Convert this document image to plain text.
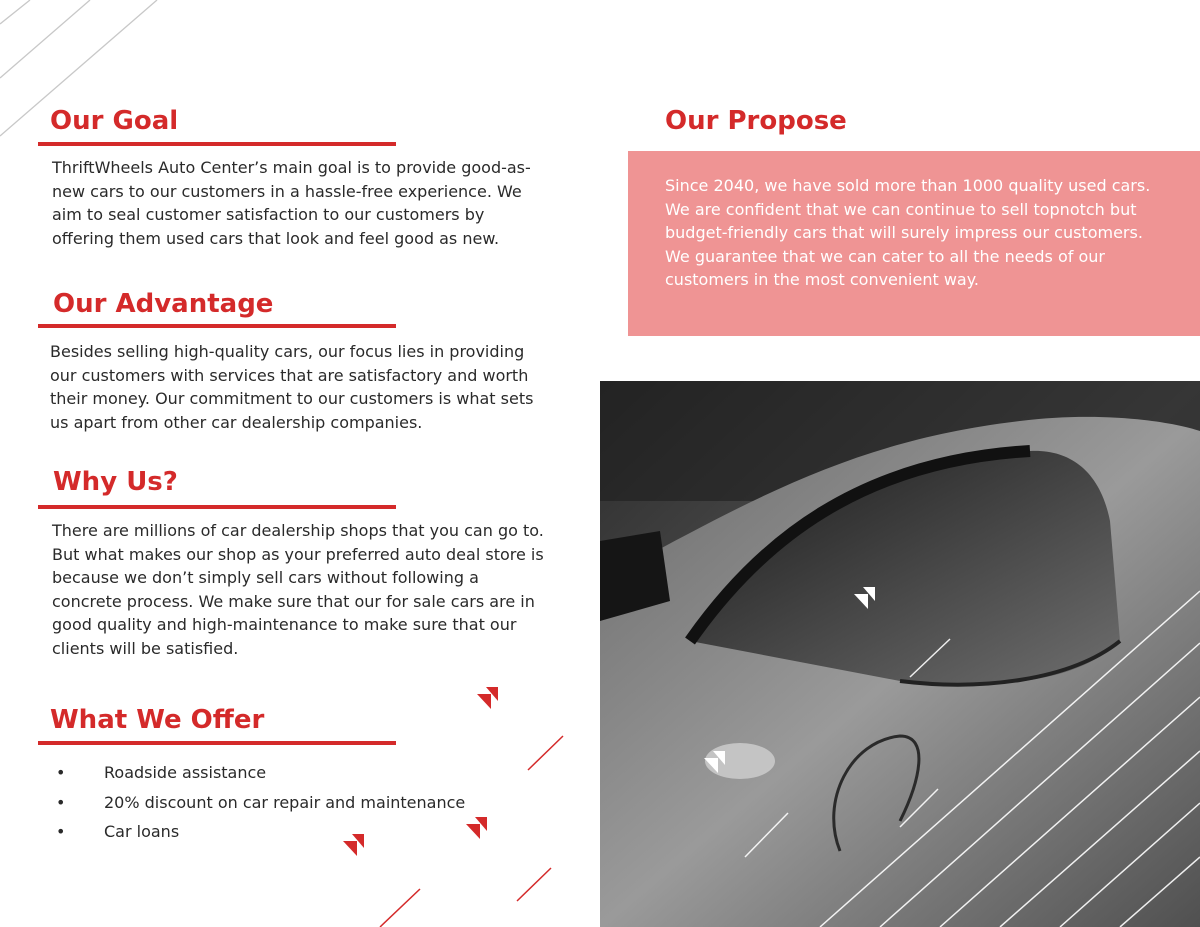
Our Goal

ThriftWheels Auto Center’s main goal is to provide good-as-new cars to our customers in a hassle-free experience. We aim to seal customer satisfaction to our customers by offering them used cars that look and feel good as new.

Our Advantage

Besides selling high-quality cars, our focus lies in providing our customers with services that are satisfactory and worth their money. Our commitment to our customers is what sets us apart from other car dealership companies.

Why Us?

There are millions of car dealership shops that you can go to. But what makes our shop as your preferred auto deal store is because we don’t simply sell cars without following a concrete process. We make sure that our for sale cars are in good quality and high-maintenance to make sure that our clients will be satisfied.

What We Offer
• Roadside assistance
• 20% discount on car repair and maintenance
• Car loans
Our Propose

Since 2040, we have sold more than 1000 quality used cars. We are confident that we can continue to sell topnotch but budget-friendly cars that will surely impress our customers. We guarantee that we can cater to all the needs of our customers in the most convenient way.
